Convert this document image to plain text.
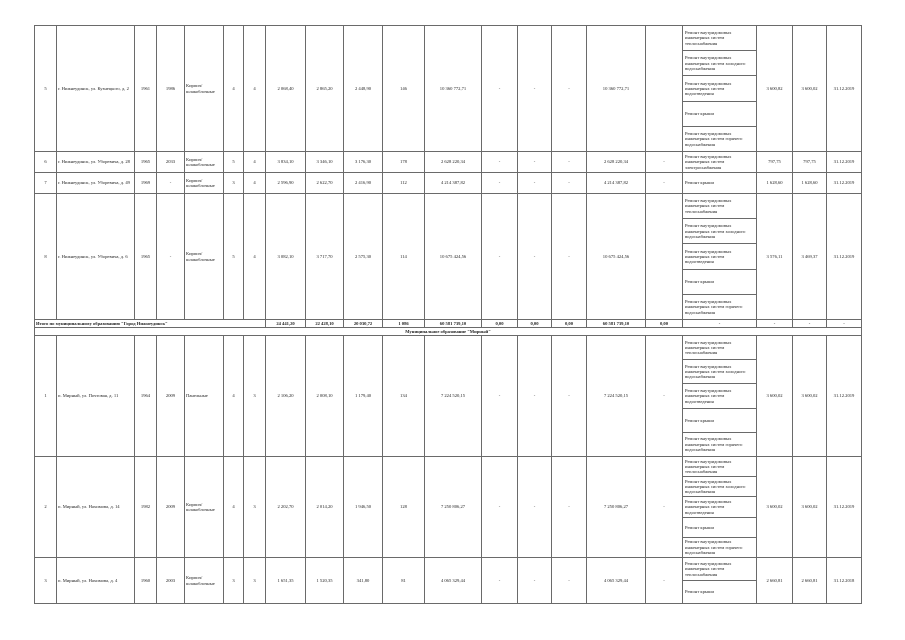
5	г. Нижнеудинск, ул. Кузнецкого, д. 2	1961	1986	Кирпич/ шлакоблочные	4	4	2 068,40	2 865,20	2 448,90	146	10 360 772,71	-	-	-	10 360 772,71		Ремонт внутридомовых инженерных систем теплоснабжения
Ремонт внутридомовых инженерных систем холодного водоснабжения
Ремонт внутридомовых инженерных систем водоотведения
Ремонт крыши
Ремонт внутридомовых инженерных систем горячего водоснабжения	3 600,82	3 600,02	31.12.2019
6	г. Нижнеудинск, ул. Уборевича, д. 28	1965	2033	Кирпич/ шлакоблочные	5	4	3 834,10	3 346,10	3 176,30	178	2 628 220,34	-	-	-	2 628 220,34	-	Ремонт внутридомовых инженерных систем электроснабжения	797,75	797,75	31.12.2019
7	г. Нижнеудинск, ул. Уборевича, д. 49	1969	-	Кирпич/ шлакоблочные	3	4	2 596,90	2 622,70	2 416,90	112	4 214 387,82	-	-	-	4 214 387,82	-	Ремонт крыши	1 628,60	1 628,60	31.12.2019
8	г. Нижнеудинск, ул. Уборевича, д. 6	1965	-	Кирпич/ шлакоблочные	5	4	3 082,10	3 717,70	2 575,30	114	10 675 424,56	-	-	-	10 675 424,56		Ремонт внутридомовых инженерных систем теплоснабжения
Ремонт внутридомовых инженерных систем холодного водоснабжения
Ремонт внутридомовых инженерных систем водоотведения
Ремонт крыши
Ремонт внутридомовых инженерных систем горячего водоснабжения	3 576,11	3 469,37	31.12.2019
Итого по муниципальному образованию "Город Нижнеудинск"							24 441,20	22 428,10	20 030,72	1 086	60 581 739,10	0,00	0,00	0,00	60 581 739,10	0,00	-	-	-	-
Муниципальное образование "Мирный"																				
1	п. Мирный, ул. Почтовая, д. 11	1964	2009	Панельные	4	3	2 106,20	2 008,10	1 179,40	134	7 224 520,15	-	-	-	7 224 520,15	-	Ремонт внутридомовых инженерных систем теплоснабжения
Ремонт внутридомовых инженерных систем холодного водоснабжения
Ремонт внутридомовых инженерных систем водоотведения
Ремонт крыши
Ремонт внутридомовых инженерных систем горячего водоснабжения	3 600,02	3 600,02	31.12.2019
2	п. Мирный, ул. Нахимова, д. 14	1982	2009	Кирпич/ шлакоблочные	4	3	2 202,70	2 014,20	1 946,50	128	7 250 806,27	-	-	-	7 250 806,27	-	Ремонт внутридомовых инженерных систем теплоснабжения
Ремонт внутридомовых инженерных систем холодного водоснабжения
Ремонт внутридомовых инженерных систем водоотведения
Ремонт крыши
Ремонт внутридомовых инженерных систем горячего водоснабжения	3 600,02	3 600,02	31.12.2019
3	п. Мирный, ул. Нахимова, д. 4	1960	2003	Кирпич/ шлакоблочные	3	3	1 651,35	1 520,35	341,80	81	4 065 329,44	-	-	-	4 065 329,44	-	Ремонт внутридомовых инженерных систем теплоснабжения
Ремонт крыши	2 660,81	2 660,81	31.12.2018
